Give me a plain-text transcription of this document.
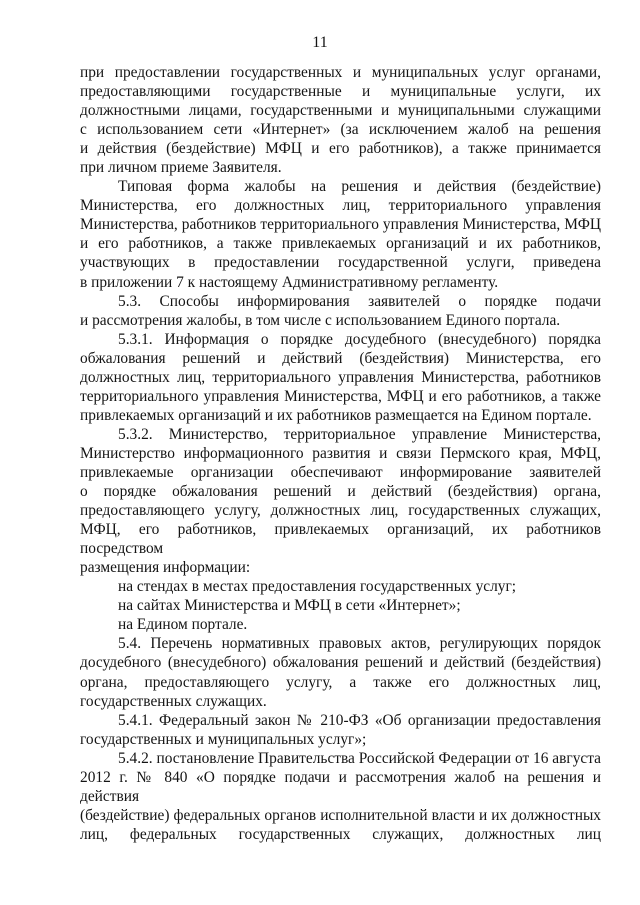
11
при предоставлении государственных и муниципальных услуг органами,
предоставляющими государственные и муниципальные услуги, их
должностными лицами, государственными и муниципальными служащими
с использованием сети «Интернет» (за исключением жалоб на решения
и действия (бездействие) МФЦ и его работников), а также принимается
при личном приеме Заявителя.
Типовая форма жалобы на решения и действия (бездействие)
Министерства, его должностных лиц, территориального управления
Министерства, работников территориального управления Министерства, МФЦ
и его работников, а также привлекаемых организаций и их работников,
участвующих в предоставлении государственной услуги, приведена
в приложении 7 к настоящему Административному регламенту.
5.3. Способы информирования заявителей о порядке подачи
и рассмотрения жалобы, в том числе с использованием Единого портала.
5.3.1. Информация о порядке досудебного (внесудебного) порядка
обжалования решений и действий (бездействия) Министерства, его
должностных лиц, территориального управления Министерства, работников
территориального управления Министерства, МФЦ и его работников, а также
привлекаемых организаций и их работников размещается на Едином портале.
5.3.2. Министерство, территориальное управление Министерства,
Министерство информационного развития и связи Пермского края, МФЦ,
привлекаемые организации обеспечивают информирование заявителей
о порядке обжалования решений и действий (бездействия) органа,
предоставляющего услугу, должностных лиц, государственных служащих,
МФЦ, его работников, привлекаемых организаций, их работников посредством
размещения информации:
на стендах в местах предоставления государственных услуг;
на сайтах Министерства и МФЦ в сети «Интернет»;
на Едином портале.
5.4. Перечень нормативных правовых актов, регулирующих порядок
досудебного (внесудебного) обжалования решений и действий (бездействия)
органа, предоставляющего услугу, а также его должностных лиц,
государственных служащих.
5.4.1. Федеральный закон № 210-ФЗ «Об организации предоставления
государственных и муниципальных услуг»;
5.4.2. постановление Правительства Российской Федерации от 16 августа
2012 г. № 840 «О порядке подачи и рассмотрения жалоб на решения и действия
(бездействие) федеральных органов исполнительной власти и их должностных
лиц, федеральных государственных служащих, должностных лиц
